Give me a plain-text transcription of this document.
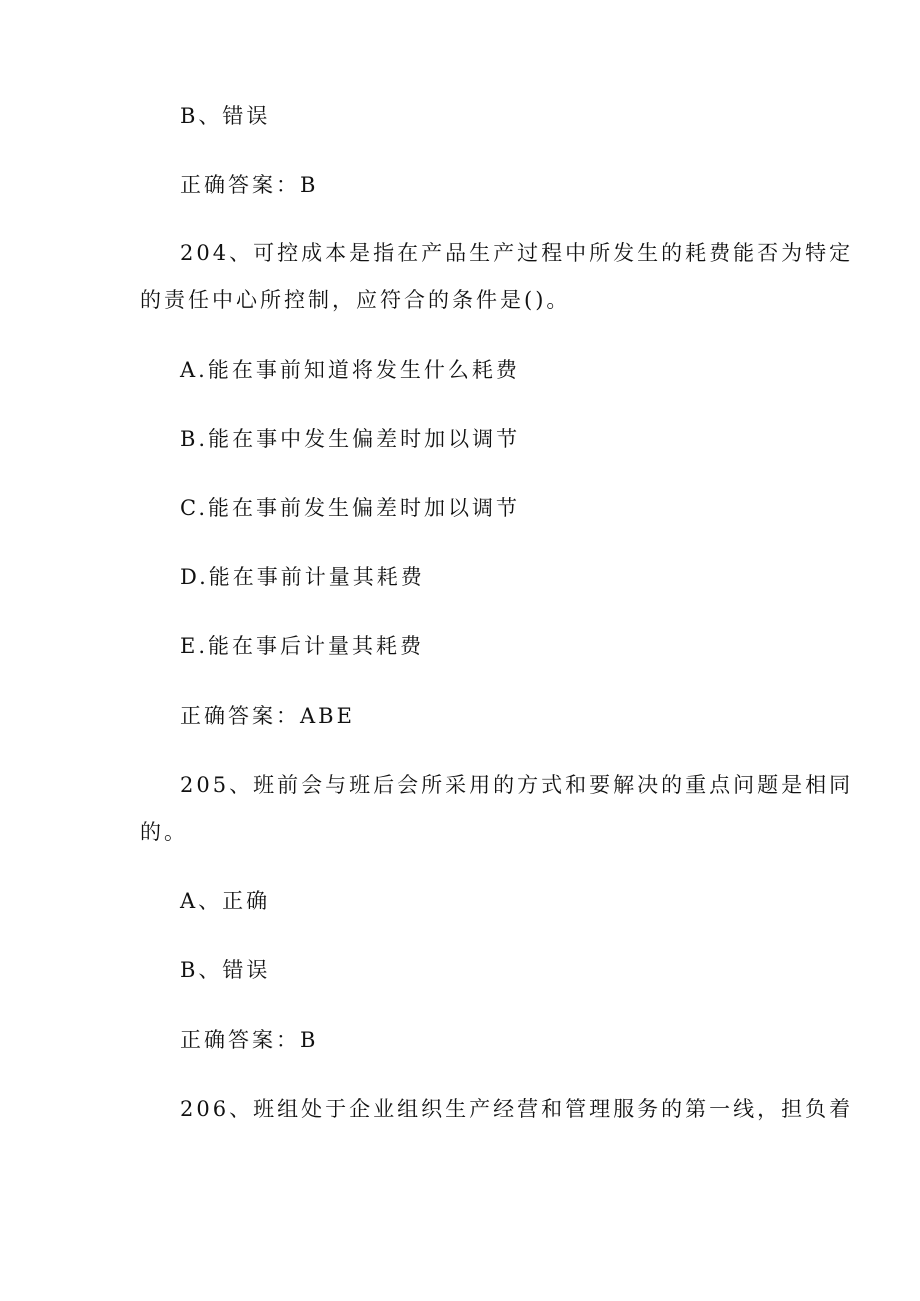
B、错误
正确答案：B
204、可控成本是指在产品生产过程中所发生的耗费能否为特定
的责任中心所控制，应符合的条件是()。
A.能在事前知道将发生什么耗费
B.能在事中发生偏差时加以调节
C.能在事前发生偏差时加以调节
D.能在事前计量其耗费
E.能在事后计量其耗费
正确答案：ABE
205、班前会与班后会所采用的方式和要解决的重点问题是相同
的。
A、正确
B、错误
正确答案：B
206、班组处于企业组织生产经营和管理服务的第一线，担负着
